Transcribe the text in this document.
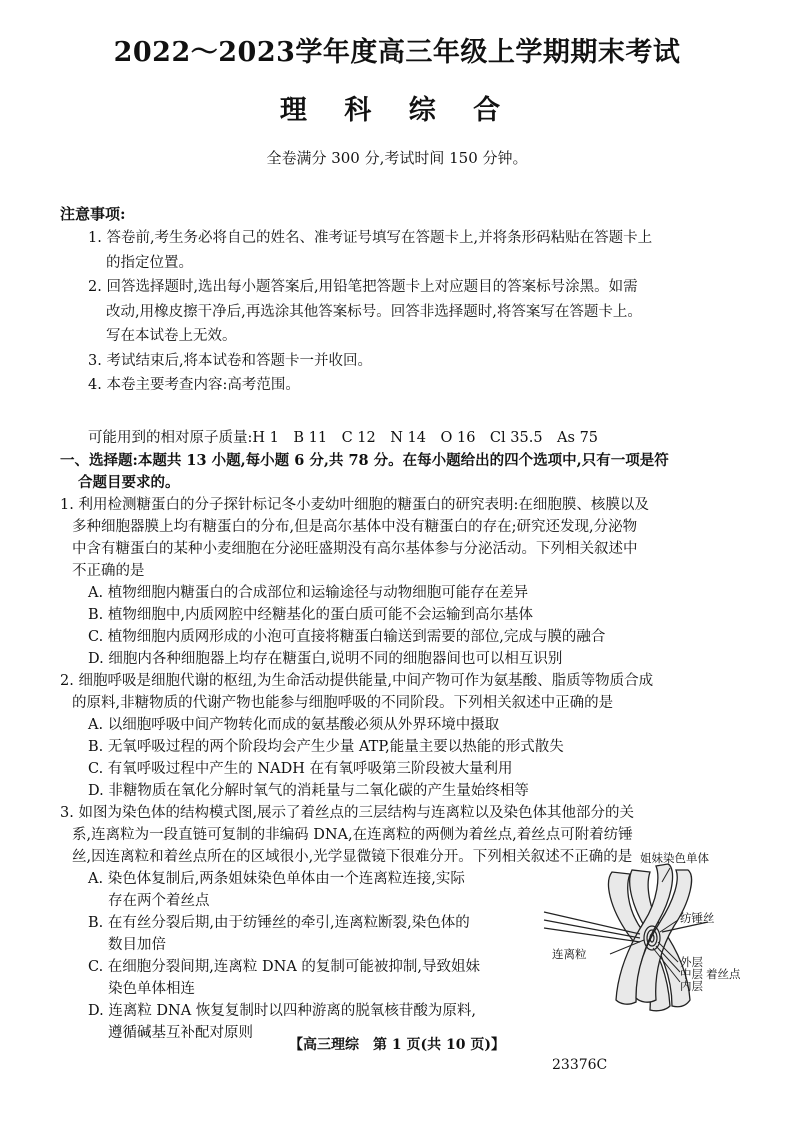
2022～2023学年度高三年级上学期期末考试
理 科 综 合
全卷满分 300 分,考试时间 150 分钟。
注意事项:
1. 答卷前,考生务必将自己的姓名、准考证号填写在答题卡上,并将条形码粘贴在答题卡上
的指定位置。
2. 回答选择题时,选出每小题答案后,用铅笔把答题卡上对应题目的答案标号涂黑。如需
改动,用橡皮擦干净后,再选涂其他答案标号。回答非选择题时,将答案写在答题卡上。
写在本试卷上无效。
3. 考试结束后,将本试卷和答题卡一并收回。
4. 本卷主要考查内容:高考范围。
可能用到的相对原子质量:H 1　B 11　C 12　N 14　O 16　Cl 35.5　As 75
一、选择题:本题共 13 小题,每小题 6 分,共 78 分。在每小题给出的四个选项中,只有一项是符
合题目要求的。
1. 利用检测糖蛋白的分子探针标记冬小麦幼叶细胞的糖蛋白的研究表明:在细胞膜、核膜以及
多种细胞器膜上均有糖蛋白的分布,但是高尔基体中没有糖蛋白的存在;研究还发现,分泌物
中含有糖蛋白的某种小麦细胞在分泌旺盛期没有高尔基体参与分泌活动。下列相关叙述中
不正确的是
A. 植物细胞内糖蛋白的合成部位和运输途径与动物细胞可能存在差异
B. 植物细胞中,内质网腔中经糖基化的蛋白质可能不会运输到高尔基体
C. 植物细胞内质网形成的小泡可直接将糖蛋白输送到需要的部位,完成与膜的融合
D. 细胞内各种细胞器上均存在糖蛋白,说明不同的细胞器间也可以相互识别
2. 细胞呼吸是细胞代谢的枢纽,为生命活动提供能量,中间产物可作为氨基酸、脂质等物质合成
的原料,非糖物质的代谢产物也能参与细胞呼吸的不同阶段。下列相关叙述中正确的是
A. 以细胞呼吸中间产物转化而成的氨基酸必须从外界环境中摄取
B. 无氧呼吸过程的两个阶段均会产生少量 ATP,能量主要以热能的形式散失
C. 有氧呼吸过程中产生的 NADH 在有氧呼吸第三阶段被大量利用
D. 非糖物质在氧化分解时氧气的消耗量与二氧化碳的产生量始终相等
3. 如图为染色体的结构模式图,展示了着丝点的三层结构与连离粒以及染色体其他部分的关
系,连离粒为一段直链可复制的非编码 DNA,在连离粒的两侧为着丝点,着丝点可附着纺锤
丝,因连离粒和着丝点所在的区域很小,光学显微镜下很难分开。下列相关叙述不正确的是
A. 染色体复制后,两条姐妹染色单体由一个连离粒连接,实际
存在两个着丝点
B. 在有丝分裂后期,由于纺锤丝的牵引,连离粒断裂,染色体的
数目加倍
C. 在细胞分裂间期,连离粒 DNA 的复制可能被抑制,导致姐妹
染色单体相连
D. 连离粒 DNA 恢复复制时以四种游离的脱氧核苷酸为原料,
遵循碱基互补配对原则
姐妹染色单体
纺锤丝
连离粒
外层
中层
内层
着丝点
【高三理综　第 1 页(共 10 页)】
23376C
